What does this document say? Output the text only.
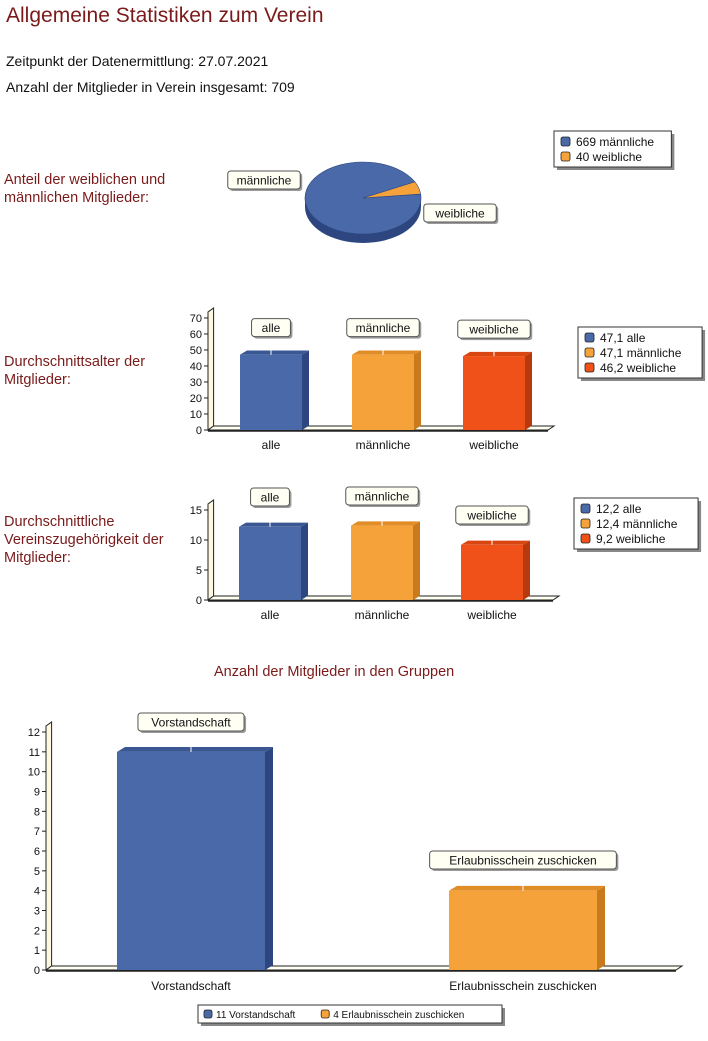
Allgemeine Statistiken zum Verein
Zeitpunkt der Datenermittlung: 27.07.2021
Anzahl der Mitglieder in Verein insgesamt: 709
Anteil der weiblichen und männlichen Mitglieder:
Durchschnittsalter der Mitglieder:
Durchschnittliche Vereinszugehörigkeit der Mitglieder:
Anzahl der Mitglieder in den Gruppen
männliche
weibliche
669 männliche
40 weibliche
0
10
20
30
40
50
60
70
alle
alle
männliche
männliche
weibliche
weibliche
47,1 alle
47,1 männliche
46,2 weibliche
0
5
10
15
alle
alle
männliche
männliche
weibliche
weibliche
12,2 alle
12,4 männliche
9,2 weibliche
0
1
2
3
4
5
6
7
8
9
10
11
12
Vorstandschaft
Vorstandschaft
Erlaubnisschein zuschicken
Erlaubnisschein zuschicken
11 Vorstandschaft	4 Erlaubnisschein zuschicken
